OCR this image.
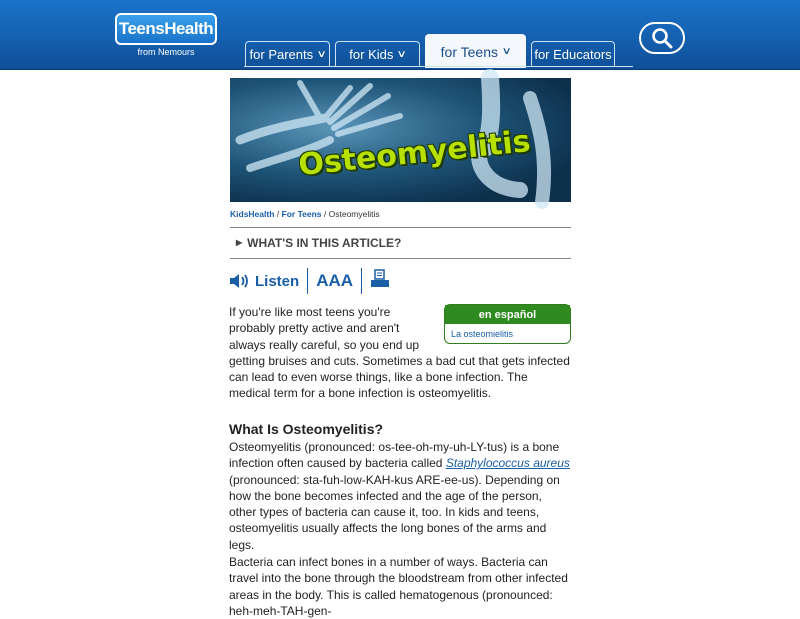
TeensHealth
from Nemours	for Parents ∨ for Kids ∨ for Teens ∨ for Educators
Osteomyelitis
KidsHealth / For Teens / Osteomyelitis
▶ WHAT'S IN THIS ARTICLE?
Listen AAA
en español
La osteomielitis
If you're like most teens you're probably pretty active and aren't always really careful, so you end up getting bruises and cuts. Sometimes a bad cut that gets infected can lead to even worse things, like a bone infection. The medical term for a bone infection is osteomyelitis.
What Is Osteomyelitis?
Osteomyelitis (pronounced: os-tee-oh-my-uh-LY-tus) is a bone infection often caused by bacteria called Staphylococcus aureus (pronounced: sta-fuh-low-KAH-kus ARE-ee-us). Depending on how the bone becomes infected and the age of the person, other types of bacteria can cause it, too. In kids and teens, osteomyelitis usually affects the long bones of the arms and legs.
Bacteria can infect bones in a number of ways. Bacteria can travel into the bone through the bloodstream from other infected areas in the body. This is called hematogenous (pronounced: heh-meh-TAH-gen-
